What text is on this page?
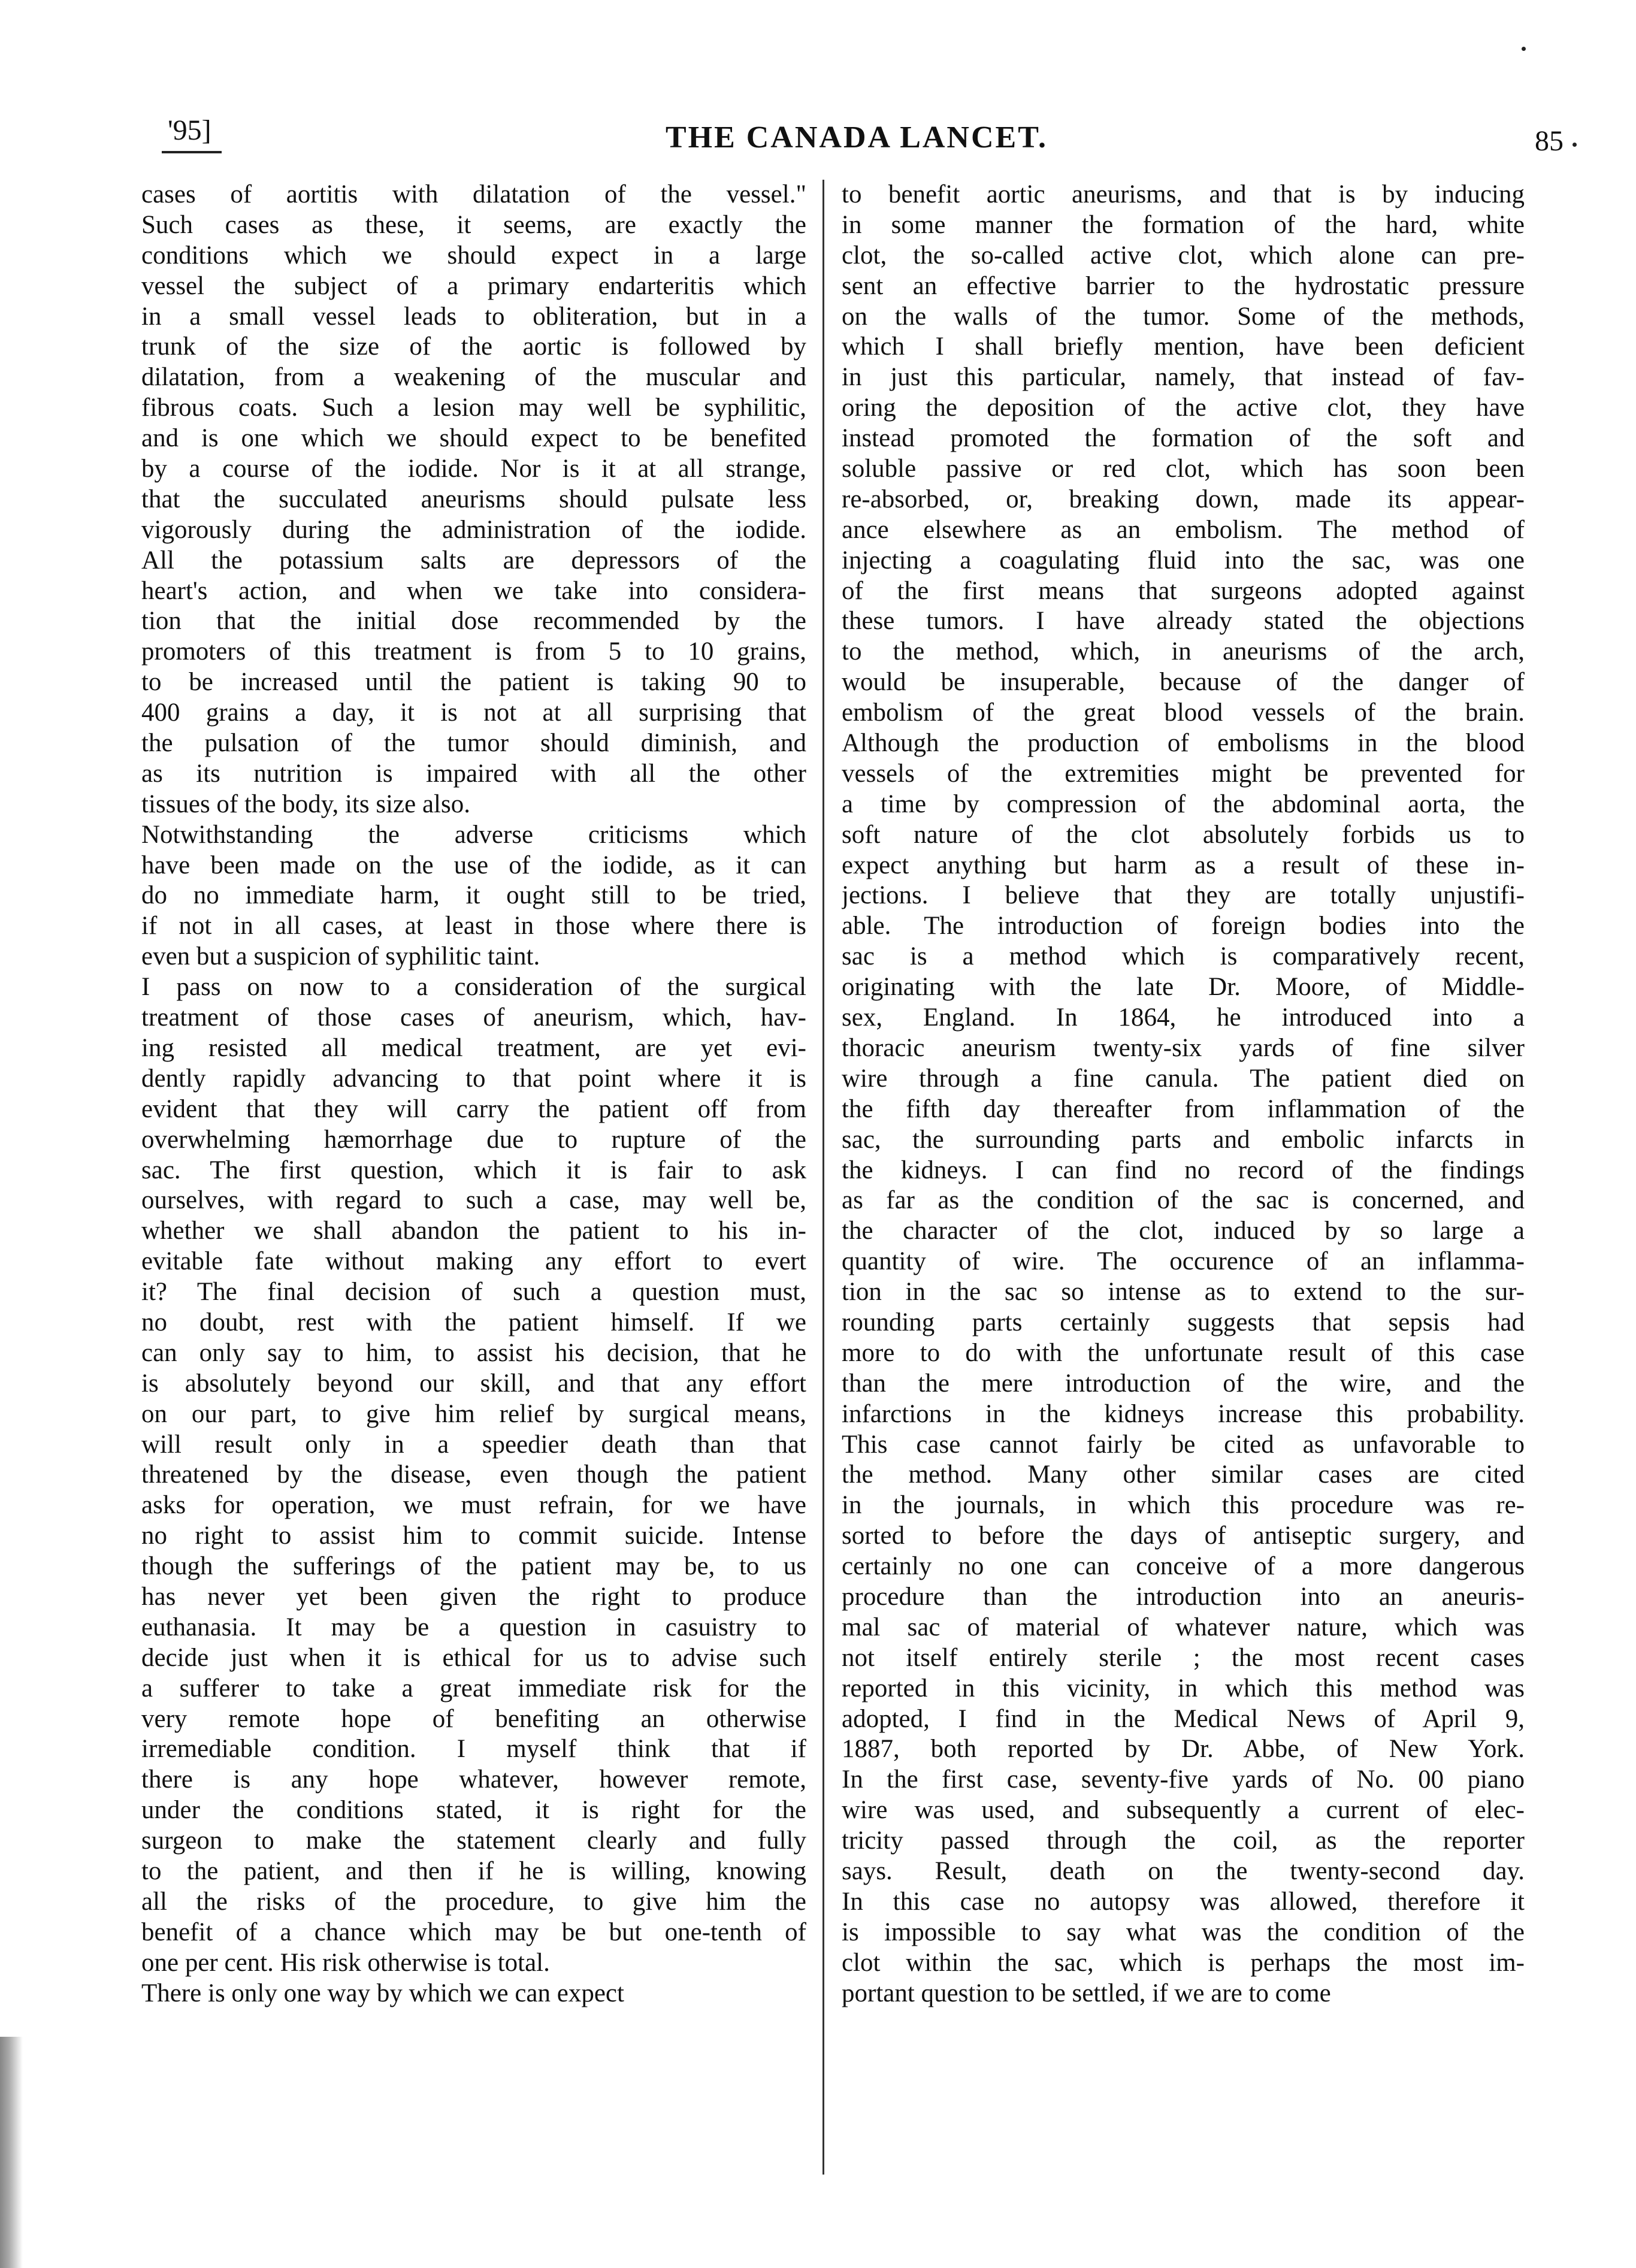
'95]	THE CANADA LANCET.	85
cases of aortitis with dilatation of the vessel."
Such cases as these, it seems, are exactly the
conditions which we should expect in a large
vessel the subject of a primary endarteritis which
in a small vessel leads to obliteration, but in a
trunk of the size of the aortic is followed by
dilatation, from a weakening of the muscular and
fibrous coats. Such a lesion may well be syphilitic,
and is one which we should expect to be benefited
by a course of the iodide. Nor is it at all strange,
that the succulated aneurisms should pulsate less
vigorously during the administration of the iodide.
All the potassium salts are depressors of the
heart's action, and when we take into considera-
tion that the initial dose recommended by the
promoters of this treatment is from 5 to 10 grains,
to be increased until the patient is taking 90 to
400 grains a day, it is not at all surprising that
the pulsation of the tumor should diminish, and
as its nutrition is impaired with all the other
tissues of the body, its size also.
Notwithstanding the adverse criticisms which
have been made on the use of the iodide, as it can
do no immediate harm, it ought still to be tried,
if not in all cases, at least in those where there is
even but a suspicion of syphilitic taint.
I pass on now to a consideration of the surgical
treatment of those cases of aneurism, which, hav-
ing resisted all medical treatment, are yet evi-
dently rapidly advancing to that point where it is
evident that they will carry the patient off from
overwhelming hæmorrhage due to rupture of the
sac. The first question, which it is fair to ask
ourselves, with regard to such a case, may well be,
whether we shall abandon the patient to his in-
evitable fate without making any effort to evert
it? The final decision of such a question must,
no doubt, rest with the patient himself. If we
can only say to him, to assist his decision, that he
is absolutely beyond our skill, and that any effort
on our part, to give him relief by surgical means,
will result only in a speedier death than that
threatened by the disease, even though the patient
asks for operation, we must refrain, for we have
no right to assist him to commit suicide. Intense
though the sufferings of the patient may be, to us
has never yet been given the right to produce
euthanasia. It may be a question in casuistry to
decide just when it is ethical for us to advise such
a sufferer to take a great immediate risk for the
very remote hope of benefiting an otherwise
irremediable condition. I myself think that if
there is any hope whatever, however remote,
under the conditions stated, it is right for the
surgeon to make the statement clearly and fully
to the patient, and then if he is willing, knowing
all the risks of the procedure, to give him the
benefit of a chance which may be but one-tenth of
one per cent. His risk otherwise is total.
There is only one way by which we can expect
to benefit aortic aneurisms, and that is by inducing
in some manner the formation of the hard, white
clot, the so-called active clot, which alone can pre-
sent an effective barrier to the hydrostatic pressure
on the walls of the tumor. Some of the methods,
which I shall briefly mention, have been deficient
in just this particular, namely, that instead of fav-
oring the deposition of the active clot, they have
instead promoted the formation of the soft and
soluble passive or red clot, which has soon been
re-absorbed, or, breaking down, made its appear-
ance elsewhere as an embolism. The method of
injecting a coagulating fluid into the sac, was one
of the first means that surgeons adopted against
these tumors. I have already stated the objections
to the method, which, in aneurisms of the arch,
would be insuperable, because of the danger of
embolism of the great blood vessels of the brain.
Although the production of embolisms in the blood
vessels of the extremities might be prevented for
a time by compression of the abdominal aorta, the
soft nature of the clot absolutely forbids us to
expect anything but harm as a result of these in-
jections. I believe that they are totally unjustifi-
able. The introduction of foreign bodies into the
sac is a method which is comparatively recent,
originating with the late Dr. Moore, of Middle-
sex, England. In 1864, he introduced into a
thoracic aneurism twenty-six yards of fine silver
wire through a fine canula. The patient died on
the fifth day thereafter from inflammation of the
sac, the surrounding parts and embolic infarcts in
the kidneys. I can find no record of the findings
as far as the condition of the sac is concerned, and
the character of the clot, induced by so large a
quantity of wire. The occurence of an inflamma-
tion in the sac so intense as to extend to the sur-
rounding parts certainly suggests that sepsis had
more to do with the unfortunate result of this case
than the mere introduction of the wire, and the
infarctions in the kidneys increase this probability.
This case cannot fairly be cited as unfavorable to
the method. Many other similar cases are cited
in the journals, in which this procedure was re-
sorted to before the days of antiseptic surgery, and
certainly no one can conceive of a more dangerous
procedure than the introduction into an aneuris-
mal sac of material of whatever nature, which was
not itself entirely sterile ; the most recent cases
reported in this vicinity, in which this method was
adopted, I find in the Medical News of April 9,
1887, both reported by Dr. Abbe, of New York.
In the first case, seventy-five yards of No. 00 piano
wire was used, and subsequently a current of elec-
tricity passed through the coil, as the reporter
says. Result, death on the twenty-second day.
In this case no autopsy was allowed, therefore it
is impossible to say what was the condition of the
clot within the sac, which is perhaps the most im-
portant question to be settled, if we are to come
